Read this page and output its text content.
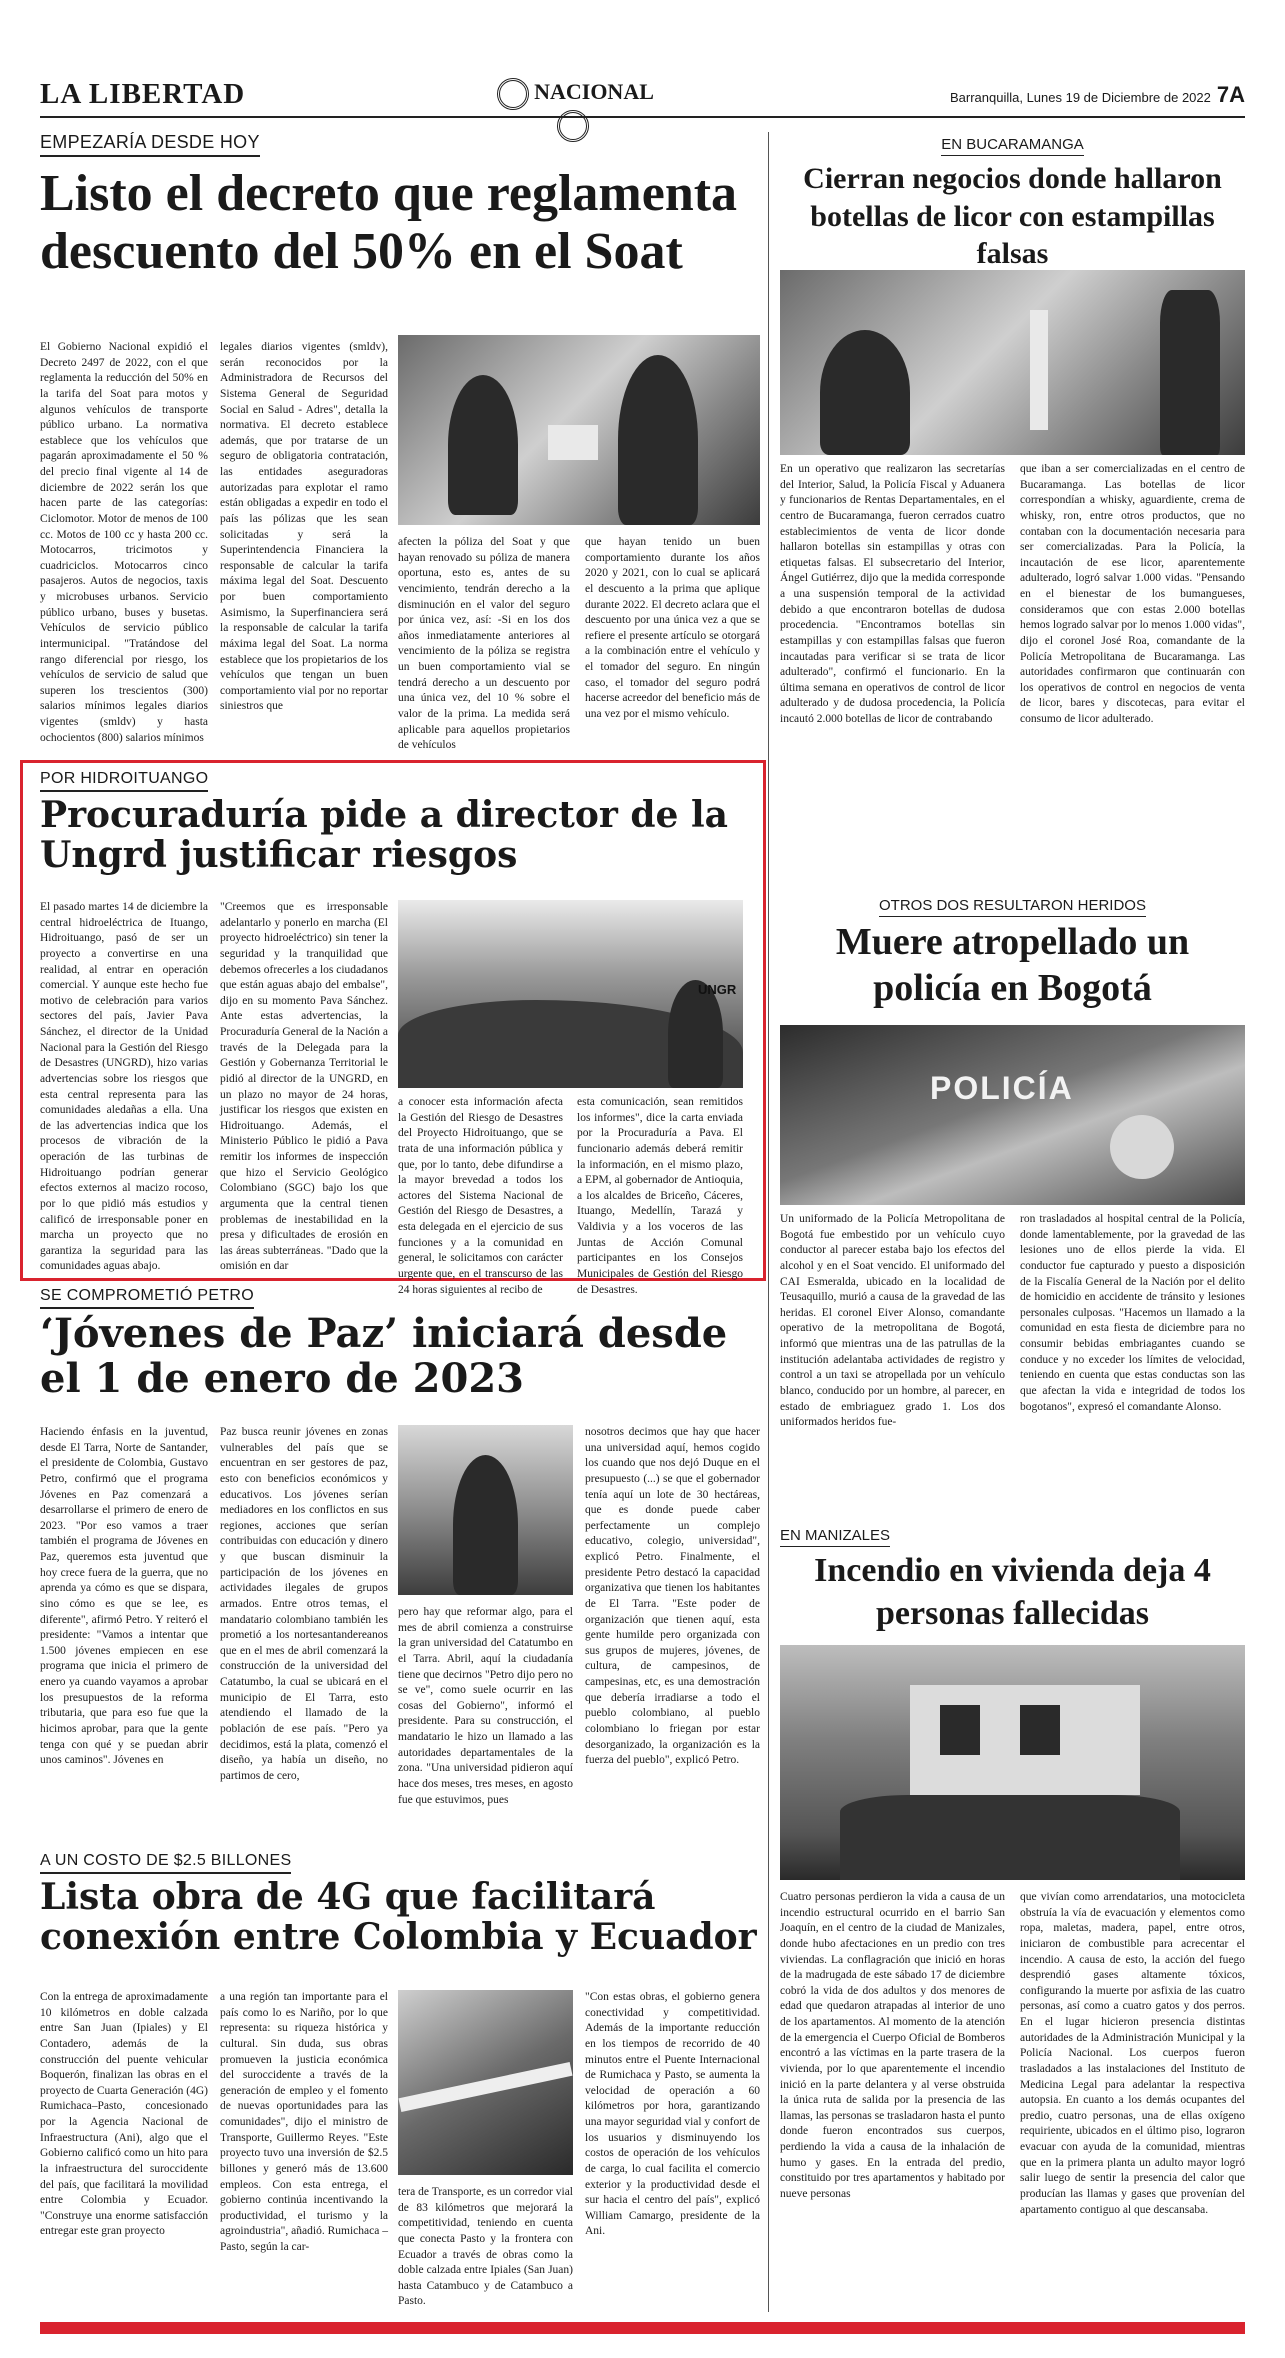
LA LIBERTAD	NACIONAL	Barranquilla, Lunes 19 de Diciembre de 2022 7A
EMPEZARÍA DESDE HOY
Listo el decreto que reglamenta descuento del 50% en el Soat
El Gobierno Nacional expidió el Decreto 2497 de 2022, con el que reglamenta la reducción del 50% en la tarifa del Soat para motos y algunos vehículos de transporte público urbano. La normativa establece que los vehículos que pagarán aproximadamente el 50 % del precio final vigente al 14 de diciembre de 2022 serán los que hacen parte de las categorías: Ciclomotor. Motor de menos de 100 cc. Motos de 100 cc y hasta 200 cc. Motocarros, tricimotos y cuadriciclos. Motocarros cinco pasajeros. Autos de negocios, taxis y microbuses urbanos. Servicio público urbano, buses y busetas. Vehículos de servicio público intermunicipal. "Tratándose del rango diferencial por riesgo, los vehículos de servicio de salud que superen los trescientos (300) salarios mínimos legales diarios vigentes (smldv) y hasta ochocientos (800) salarios mínimos
legales diarios vigentes (smldv), serán reconocidos por la Administradora de Recursos del Sistema General de Seguridad Social en Salud - Adres", detalla la normativa. El decreto establece además, que por tratarse de un seguro de obligatoria contratación, las entidades aseguradoras autorizadas para explotar el ramo están obligadas a expedir en todo el país las pólizas que les sean solicitadas y será la Superintendencia Financiera la responsable de calcular la tarifa máxima legal del Soat. Descuento por buen comportamiento Asimismo, la Superfinanciera será la responsable de calcular la tarifa máxima legal del Soat. La norma establece que los propietarios de los vehículos que tengan un buen comportamiento vial por no reportar siniestros que
afecten la póliza del Soat y que hayan renovado su póliza de manera oportuna, esto es, antes de su vencimiento, tendrán derecho a la disminución en el valor del seguro por única vez, así: -Si en los dos años inmediatamente anteriores al vencimiento de la póliza se registra un buen comportamiento vial se tendrá derecho a un descuento por una única vez, del 10 % sobre el valor de la prima. La medida será aplicable para aquellos propietarios de vehículos
que hayan tenido un buen comportamiento durante los años 2020 y 2021, con lo cual se aplicará el descuento a la prima que aplique durante 2022. El decreto aclara que el descuento por una única vez a que se refiere el presente artículo se otorgará a la combinación entre el vehículo y el tomador del seguro. En ningún caso, el tomador del seguro podrá hacerse acreedor del beneficio más de una vez por el mismo vehículo.
EN BUCARAMANGA
Cierran negocios donde hallaron botellas de licor con estampillas falsas
En un operativo que realizaron las secretarías del Interior, Salud, la Policía Fiscal y Aduanera y funcionarios de Rentas Departamentales, en el centro de Bucaramanga, fueron cerrados cuatro establecimientos de venta de licor donde hallaron botellas sin estampillas y otras con etiquetas falsas. El subsecretario del Interior, Ángel Gutiérrez, dijo que la medida corresponde a una suspensión temporal de la actividad debido a que encontraron botellas de dudosa procedencia. "Encontramos botellas sin estampillas y con estampillas falsas que fueron incautadas para verificar si se trata de licor adulterado", confirmó el funcionario. En la última semana en operativos de control de licor adulterado y de dudosa procedencia, la Policía incautó 2.000 botellas de licor de contrabando
que iban a ser comercializadas en el centro de Bucaramanga. Las botellas de licor correspondían a whisky, aguardiente, crema de whisky, ron, entre otros productos, que no contaban con la documentación necesaria para ser comercializadas. Para la Policía, la incautación de ese licor, aparentemente adulterado, logró salvar 1.000 vidas. "Pensando en el bienestar de los bumangueses, consideramos que con estas 2.000 botellas hemos logrado salvar por lo menos 1.000 vidas", dijo el coronel José Roa, comandante de la Policía Metropolitana de Bucaramanga. Las autoridades confirmaron que continuarán con los operativos de control en negocios de venta de licor, bares y discotecas, para evitar el consumo de licor adulterado.
POR HIDROITUANGO
Procuraduría pide a director de la Ungrd justificar riesgos
El pasado martes 14 de diciembre la central hidroeléctrica de Ituango, Hidroituango, pasó de ser un proyecto a convertirse en una realidad, al entrar en operación comercial. Y aunque este hecho fue motivo de celebración para varios sectores del país, Javier Pava Sánchez, el director de la Unidad Nacional para la Gestión del Riesgo de Desastres (UNGRD), hizo varias advertencias sobre los riesgos que esta central representa para las comunidades aledañas a ella. Una de las advertencias indica que los procesos de vibración de la operación de las turbinas de Hidroituango podrían generar efectos externos al macizo rocoso, por lo que pidió más estudios y calificó de irresponsable poner en marcha un proyecto que no garantiza la seguridad para las comunidades aguas abajo.
"Creemos que es irresponsable adelantarlo y ponerlo en marcha (El proyecto hidroeléctrico) sin tener la seguridad y la tranquilidad que debemos ofrecerles a los ciudadanos que están aguas abajo del embalse", dijo en su momento Pava Sánchez. Ante estas advertencias, la Procuraduría General de la Nación a través de la Delegada para la Gestión y Gobernanza Territorial le pidió al director de la UNGRD, en un plazo no mayor de 24 horas, justificar los riesgos que existen en Hidroituango. Además, el Ministerio Público le pidió a Pava remitir los informes de inspección que hizo el Servicio Geológico Colombiano (SGC) bajo los que argumenta que la central tienen problemas de inestabilidad en la presa y dificultades de erosión en las áreas subterráneas. "Dado que la omisión en dar
UNGR
a conocer esta información afecta la Gestión del Riesgo de Desastres del Proyecto Hidroituango, que se trata de una información pública y que, por lo tanto, debe difundirse a la mayor brevedad a todos los actores del Sistema Nacional de Gestión del Riesgo de Desastres, a esta delegada en el ejercicio de sus funciones y a la comunidad en general, le solicitamos con carácter urgente que, en el transcurso de las 24 horas siguientes al recibo de
esta comunicación, sean remitidos los informes", dice la carta enviada por la Procuraduría a Pava. El funcionario además deberá remitir la información, en el mismo plazo, a EPM, al gobernador de Antioquia, a los alcaldes de Briceño, Cáceres, Ituango, Medellín, Tarazá y Valdivia y a los voceros de las Juntas de Acción Comunal participantes en los Consejos Municipales de Gestión del Riesgo de Desastres.
OTROS DOS RESULTARON HERIDOS
Muere atropellado un policía en Bogotá
POLICÍA
Un uniformado de la Policía Metropolitana de Bogotá fue embestido por un vehículo cuyo conductor al parecer estaba bajo los efectos del alcohol y en el Soat vencido. El uniformado del CAI Esmeralda, ubicado en la localidad de Teusaquillo, murió a causa de la gravedad de las heridas. El coronel Eiver Alonso, comandante operativo de la metropolitana de Bogotá, informó que mientras una de las patrullas de la institución adelantaba actividades de registro y control a un taxi se atropellada por un vehículo blanco, conducido por un hombre, al parecer, en estado de embriaguez grado 1. Los dos uniformados heridos fue-
ron trasladados al hospital central de la Policía, donde lamentablemente, por la gravedad de las lesiones uno de ellos pierde la vida. El conductor fue capturado y puesto a disposición de la Fiscalía General de la Nación por el delito de homicidio en accidente de tránsito y lesiones personales culposas. "Hacemos un llamado a la comunidad en esta fiesta de diciembre para no consumir bebidas embriagantes cuando se conduce y no exceder los límites de velocidad, teniendo en cuenta que estas conductas son las que afectan la vida e integridad de todos los bogotanos", expresó el comandante Alonso.
SE COMPROMETIÓ PETRO
‘Jóvenes de Paz’ iniciará desde el 1 de enero de 2023
Haciendo énfasis en la juventud, desde El Tarra, Norte de Santander, el presidente de Colombia, Gustavo Petro, confirmó que el programa Jóvenes en Paz comenzará a desarrollarse el primero de enero de 2023. "Por eso vamos a traer también el programa de Jóvenes en Paz, queremos esta juventud que hoy crece fuera de la guerra, que no aprenda ya cómo es que se dispara, sino cómo es que se lee, es diferente", afirmó Petro. Y reiteró el presidente: "Vamos a intentar que 1.500 jóvenes empiecen en ese programa que inicia el primero de enero ya cuando vayamos a aprobar los presupuestos de la reforma tributaria, que para eso fue que la hicimos aprobar, para que la gente tenga con qué y se puedan abrir unos caminos". Jóvenes en
Paz busca reunir jóvenes en zonas vulnerables del país que se encuentran en ser gestores de paz, esto con beneficios económicos y educativos. Los jóvenes serían mediadores en los conflictos en sus regiones, acciones que serían contribuidas con educación y dinero y que buscan disminuir la participación de los jóvenes en actividades ilegales de grupos armados. Entre otros temas, el mandatario colombiano también les prometió a los nortesantandereanos que en el mes de abril comenzará la construcción de la universidad del Catatumbo, la cual se ubicará en el municipio de El Tarra, esto atendiendo el llamado de la población de ese país. "Pero ya decidimos, está la plata, comenzó el diseño, ya había un diseño, no partimos de cero,
pero hay que reformar algo, para el mes de abril comienza a construirse la gran universidad del Catatumbo en el Tarra. Abril, aquí la ciudadanía tiene que decirnos "Petro dijo pero no se ve", como suele ocurrir en las cosas del Gobierno", informó el presidente. Para su construcción, el mandatario le hizo un llamado a las autoridades departamentales de la zona. "Una universidad pidieron aquí hace dos meses, tres meses, en agosto fue que estuvimos, pues
nosotros decimos que hay que hacer una universidad aquí, hemos cogido los cuando que nos dejó Duque en el presupuesto (...) se que el gobernador tenía aquí un lote de 30 hectáreas, que es donde puede caber perfectamente un complejo educativo, colegio, universidad", explicó Petro. Finalmente, el presidente Petro destacó la capacidad organizativa que tienen los habitantes de El Tarra. "Este poder de organización que tienen aquí, esta gente humilde pero organizada con sus grupos de mujeres, jóvenes, de cultura, de campesinos, de campesinas, etc, es una demostración que debería irradiarse a todo el pueblo colombiano, al pueblo colombiano lo friegan por estar desorganizado, la organización es la fuerza del pueblo", explicó Petro.
EN MANIZALES
Incendio en vivienda deja 4 personas fallecidas
Cuatro personas perdieron la vida a causa de un incendio estructural ocurrido en el barrio San Joaquín, en el centro de la ciudad de Manizales, donde hubo afectaciones en un predio con tres viviendas. La conflagración que inició en horas de la madrugada de este sábado 17 de diciembre cobró la vida de dos adultos y dos menores de edad que quedaron atrapadas al interior de uno de los apartamentos. Al momento de la atención de la emergencia el Cuerpo Oficial de Bomberos encontró a las víctimas en la parte trasera de la vivienda, por lo que aparentemente el incendio inició en la parte delantera y al verse obstruida la única ruta de salida por la presencia de las llamas, las personas se trasladaron hasta el punto donde fueron encontrados sus cuerpos, perdiendo la vida a causa de la inhalación de humo y gases. En la entrada del predio, constituido por tres apartamentos y habitado por nueve personas
que vivían como arrendatarios, una motocicleta obstruía la vía de evacuación y elementos como ropa, maletas, madera, papel, entre otros, iniciaron de combustible para acrecentar el incendio. A causa de esto, la acción del fuego desprendió gases altamente tóxicos, configurando la muerte por asfixia de las cuatro personas, así como a cuatro gatos y dos perros. En el lugar hicieron presencia distintas autoridades de la Administración Municipal y la Policía Nacional. Los cuerpos fueron trasladados a las instalaciones del Instituto de Medicina Legal para adelantar la respectiva autopsia. En cuanto a los demás ocupantes del predio, cuatro personas, una de ellas oxígeno requiriente, ubicados en el último piso, lograron evacuar con ayuda de la comunidad, mientras que en la primera planta un adulto mayor logró salir luego de sentir la presencia del calor que producían las llamas y gases que provenían del apartamento contiguo al que descansaba.
A UN COSTO DE $2.5 BILLONES
Lista obra de 4G que facilitará conexión entre Colombia y Ecuador
Con la entrega de aproximadamente 10 kilómetros en doble calzada entre San Juan (Ipiales) y El Contadero, además de la construcción del puente vehicular Boquerón, finalizan las obras en el proyecto de Cuarta Generación (4G) Rumichaca–Pasto, concesionado por la Agencia Nacional de Infraestructura (Ani), algo que el Gobierno calificó como un hito para la infraestructura del suroccidente del país, que facilitará la movilidad entre Colombia y Ecuador. "Construye una enorme satisfacción entregar este gran proyecto
a una región tan importante para el país como lo es Nariño, por lo que representa: su riqueza histórica y cultural. Sin duda, sus obras promueven la justicia económica del suroccidente a través de la generación de empleo y el fomento de nuevas oportunidades para las comunidades", dijo el ministro de Transporte, Guillermo Reyes. "Este proyecto tuvo una inversión de $2.5 billones y generó más de 13.600 empleos. Con esta entrega, el gobierno continúa incentivando la productividad, el turismo y la agroindustria", añadió. Rumichaca – Pasto, según la car-
tera de Transporte, es un corredor vial de 83 kilómetros que mejorará la competitividad, teniendo en cuenta que conecta Pasto y la frontera con Ecuador a través de obras como la doble calzada entre Ipiales (San Juan) hasta Catambuco y de Catambuco a Pasto.
"Con estas obras, el gobierno genera conectividad y competitividad. Además de la importante reducción en los tiempos de recorrido de 40 minutos entre el Puente Internacional de Rumichaca y Pasto, se aumenta la velocidad de operación a 60 kilómetros por hora, garantizando una mayor seguridad vial y confort de los usuarios y disminuyendo los costos de operación de los vehículos de carga, lo cual facilita el comercio exterior y la productividad desde el sur hacia el centro del país", explicó William Camargo, presidente de la Ani.
